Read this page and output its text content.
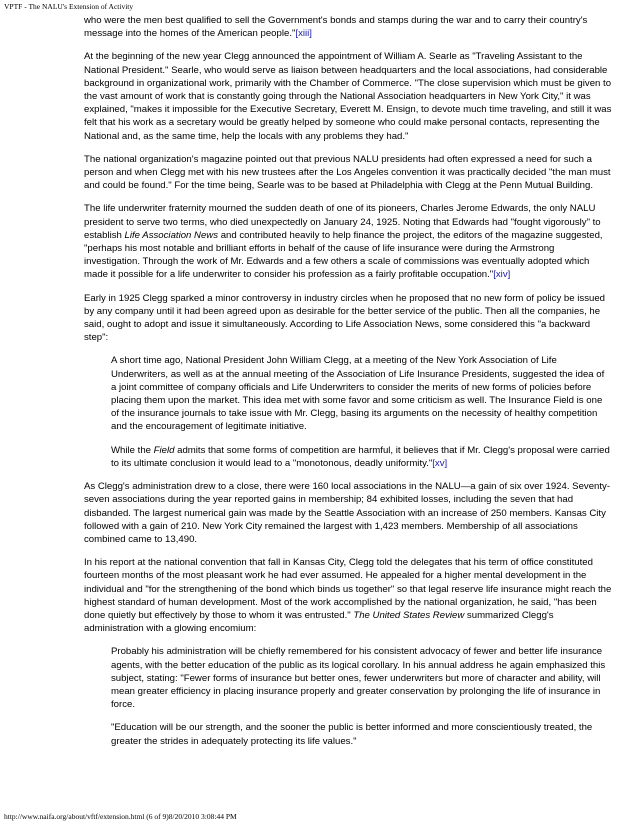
VPTF - The NALU's Extension of Activity

who were the men best qualified to sell the Government's bonds and stamps during the war and to carry their country's message into the homes of the American people."[xiii]

At the beginning of the new year Clegg announced the appointment of William A. Searle as "Traveling Assistant to the National President." Searle, who would serve as liaison between headquarters and the local associations, had considerable background in organizational work, primarily with the Chamber of Commerce. "The close supervision which must be given to the vast amount of work that is constantly going through the National Association headquarters in New York City," it was explained, "makes it impossible for the Executive Secretary, Everett M. Ensign, to devote much time traveling, and still it was felt that his work as a secretary would be greatly helped by someone who could make personal contacts, representing the National and, as the same time, help the locals with any problems they had."

The national organization's magazine pointed out that previous NALU presidents had often expressed a need for such a person and when Clegg met with his new trustees after the Los Angeles convention it was practically decided "the man must and could be found." For the time being, Searle was to be based at Philadelphia with Clegg at the Penn Mutual Building.

The life underwriter fraternity mourned the sudden death of one of its pioneers, Charles Jerome Edwards, the only NALU president to serve two terms, who died unexpectedly on January 24, 1925. Noting that Edwards had "fought vigorously" to establish Life Association News and contributed heavily to help finance the project, the editors of the magazine suggested, "perhaps his most notable and brilliant efforts in behalf of the cause of life insurance were during the Armstrong investigation. Through the work of Mr. Edwards and a few others a scale of commissions was eventually adopted which made it possible for a life underwriter to consider his profession as a fairly profitable occupation."[xiv]

Early in 1925 Clegg sparked a minor controversy in industry circles when he proposed that no new form of policy be issued by any company until it had been agreed upon as desirable for the better service of the public. Then all the companies, he said, ought to adopt and issue it simultaneously. According to Life Association News, some considered this "a backward step":

A short time ago, National President John William Clegg, at a meeting of the New York Association of Life Underwriters, as well as at the annual meeting of the Association of Life Insurance Presidents, suggested the idea of a joint committee of company officials and Life Underwriters to consider the merits of new forms of policies before placing them upon the market. This idea met with some favor and some criticism as well. The Insurance Field is one of the insurance journals to take issue with Mr. Clegg, basing its arguments on the necessity of healthy competition and the encouragement of legitimate initiative.

While the Field admits that some forms of competition are harmful, it believes that if Mr. Clegg's proposal were carried to its ultimate conclusion it would lead to a "monotonous, deadly uniformity."[xv]

As Clegg's administration drew to a close, there were 160 local associations in the NALU—a gain of six over 1924. Seventy-seven associations during the year reported gains in membership; 84 exhibited losses, including the seven that had disbanded. The largest numerical gain was made by the Seattle Association with an increase of 250 members. Kansas City followed with a gain of 210. New York City remained the largest with 1,423 members. Membership of all associations combined came to 13,490.

In his report at the national convention that fall in Kansas City, Clegg told the delegates that his term of office constituted fourteen months of the most pleasant work he had ever assumed. He appealed for a higher mental development in the individual and "for the strengthening of the bond which binds us together" so that legal reserve life insurance might reach the highest standard of human development. Most of the work accomplished by the national organization, he said, "has been done quietly but effectively by those to whom it was entrusted." The United States Review summarized Clegg's administration with a glowing encomium:

Probably his administration will be chiefly remembered for his consistent advocacy of fewer and better life insurance agents, with the better education of the public as its logical corollary. In his annual address he again emphasized this subject, stating: "Fewer forms of insurance but better ones, fewer underwriters but more of character and ability, will mean greater efficiency in placing insurance properly and greater conservation by prolonging the life of insurance in force.

"Education will be our strength, and the sooner the public is better informed and more conscientiously treated, the greater the strides in adequately protecting its life values."

http://www.naifa.org/about/vftf/extension.html (6 of 9)8/20/2010 3:08:44 PM
